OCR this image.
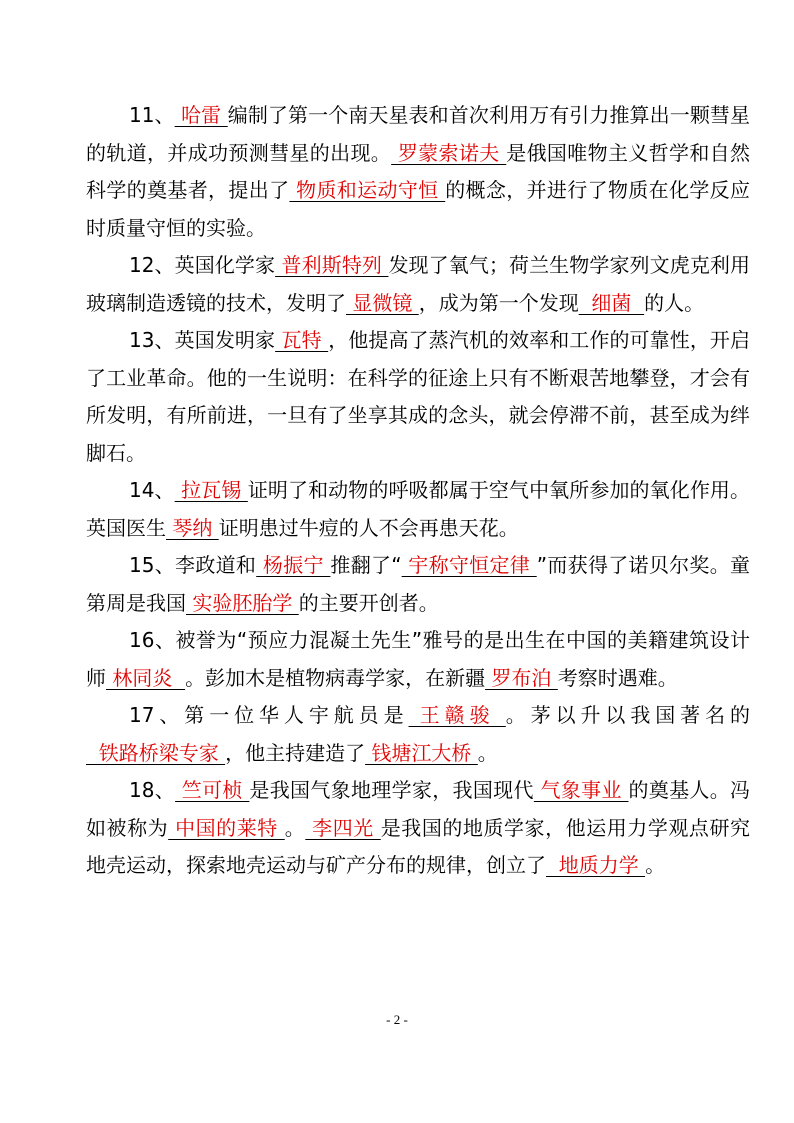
11、 哈雷 编制了第一个南天星表和首次利用万有引力推算出一颗彗星的轨道，并成功预测彗星的出现。 罗蒙索诺夫 是俄国唯物主义哲学和自然科学的奠基者，提出了 物质和运动守恒 的概念，并进行了物质在化学反应时质量守恒的实验。

12、英国化学家 普利斯特列 发现了氧气；荷兰生物学家列文虎克利用玻璃制造透镜的技术，发明了 显微镜 ，成为第一个发现  细菌  的人。

13、英国发明家 瓦特 ，他提高了蒸汽机的效率和工作的可靠性，开启了工业革命。他的一生说明：在科学的征途上只有不断艰苦地攀登，才会有所发明，有所前进，一旦有了坐享其成的念头，就会停滞不前，甚至成为绊脚石。

14、 拉瓦锡 证明了和动物的呼吸都属于空气中氧所参加的氧化作用。英国医生 琴纳 证明患过牛痘的人不会再患天花。

15、李政道和 杨振宁 推翻了“ 宇称守恒定律 ”而获得了诺贝尔奖。童第周是我国 实验胚胎学 的主要开创者。

16、被誉为“预应力混凝土先生”雅号的是出生在中国的美籍建筑设计师 林同炎  。彭加木是植物病毒学家，在新疆 罗布泊 考察时遇难。

17、第一位华人宇航员是 王赣骏 。茅以升以我国著名的  铁路桥梁专家 ，他主持建造了 钱塘江大桥 。

18、 竺可桢 是我国气象地理学家，我国现代 气象事业 的奠基人。冯如被称为 中国的莱特 。 李四光 是我国的地质学家，他运用力学观点研究地壳运动，探索地壳运动与矿产分布的规律，创立了  地质力学 。

- 2 -
